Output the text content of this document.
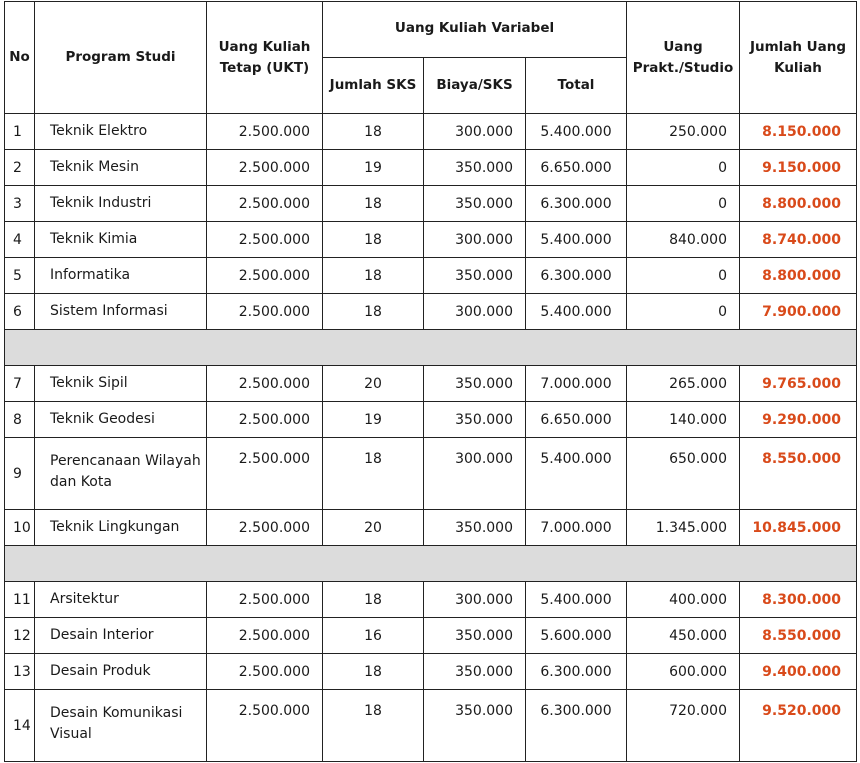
No	Program Studi	Uang Kuliah Tetap (UKT)	Uang Kuliah Variabel			Uang Prakt./Studio	Jumlah Uang Kuliah
			Jumlah SKS	Biaya/SKS	Total		
1	Teknik Elektro	2.500.000	18	300.000	5.400.000	250.000	8.150.000
2	Teknik Mesin	2.500.000	19	350.000	6.650.000	0	9.150.000
3	Teknik Industri	2.500.000	18	350.000	6.300.000	0	8.800.000
4	Teknik Kimia	2.500.000	18	300.000	5.400.000	840.000	8.740.000
5	Informatika	2.500.000	18	350.000	6.300.000	0	8.800.000
6	Sistem Informasi	2.500.000	18	300.000	5.400.000	0	7.900.000

7	Teknik Sipil	2.500.000	20	350.000	7.000.000	265.000	9.765.000
8	Teknik Geodesi	2.500.000	19	350.000	6.650.000	140.000	9.290.000
9	Perencanaan Wilayah dan Kota	2.500.000	18	300.000	5.400.000	650.000	8.550.000
10	Teknik Lingkungan	2.500.000	20	350.000	7.000.000	1.345.000	10.845.000

11	Arsitektur	2.500.000	18	300.000	5.400.000	400.000	8.300.000
12	Desain Interior	2.500.000	16	350.000	5.600.000	450.000	8.550.000
13	Desain Produk	2.500.000	18	350.000	6.300.000	600.000	9.400.000
14	Desain Komunikasi Visual	2.500.000	18	350.000	6.300.000	720.000	9.520.000
